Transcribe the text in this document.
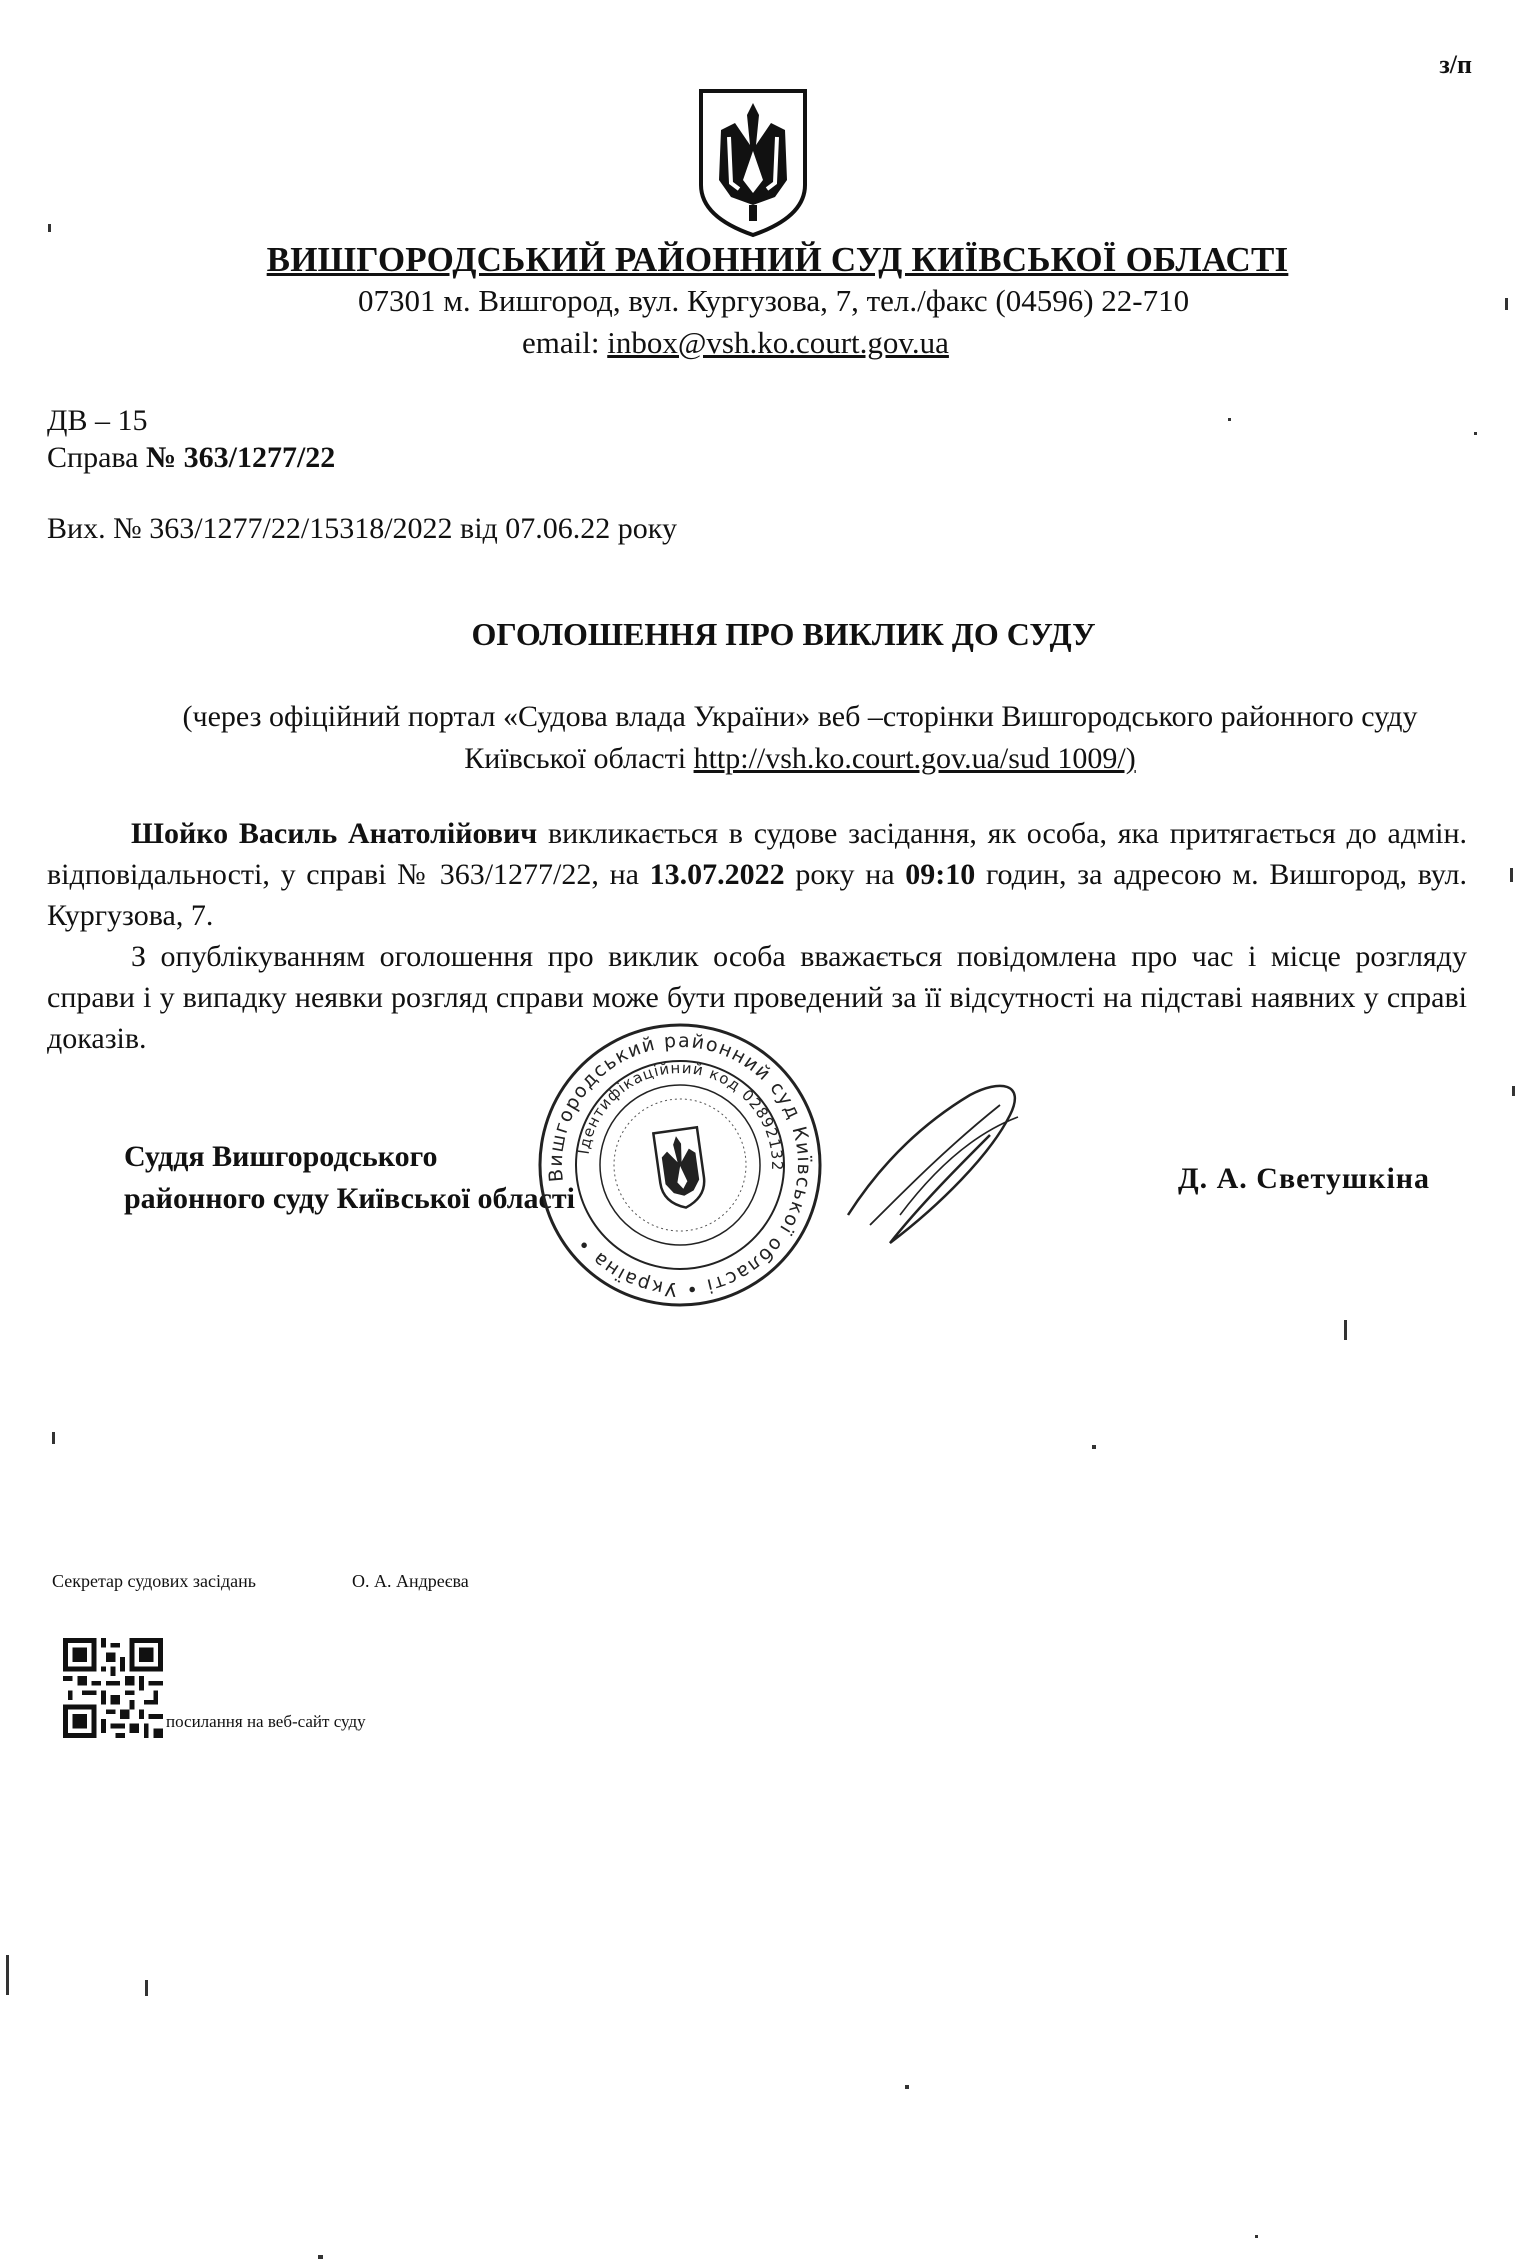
з/п
ВИШГОРОДСЬКИЙ РАЙОННИЙ СУД КИЇВСЬКОЇ ОБЛАСТІ
07301 м. Вишгород, вул. Кургузова, 7, тел./факс (04596) 22-710
email: inbox@vsh.ko.court.gov.ua
ДВ – 15
Справа № 363/1277/22
Вих. № 363/1277/22/15318/2022 від 07.06.22 року
ОГОЛОШЕННЯ ПРО ВИКЛИК ДО СУДУ
(через офіційний портал «Судова влада України» веб –сторінки Вишгородського районного суду Київської області http://vsh.ko.court.gov.ua/sud 1009/)

Шойко Василь Анатолійович викликається в судове засідання, як особа, яка притягається до адмін. відповідальності, у справі № 363/1277/22, на 13.07.2022 року на 09:10 годин, за адресою м. Вишгород, вул. Кургузова, 7.

З опублікуванням оголошення про виклик особа вважається повідомлена про час і місце розгляду справи і у випадку неявки розгляд справи може бути проведений за її відсутності на підставі наявних у справі доказів.

Суддя Вишгородського
районного суду Київської області
Вишгородський районний суд Київської області • Україна •
Ідентифікаційний код 02892132	Д. А. Светушкіна
Секретар судових засідань	О. А. Андреєва
посилання на веб-сайт суду
